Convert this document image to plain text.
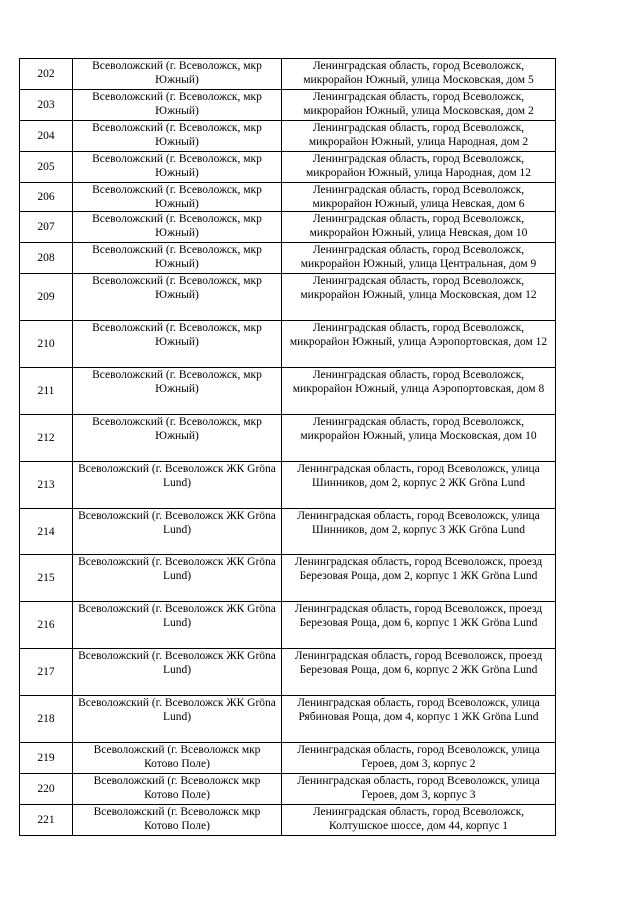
202	Всеволожский (г. Всеволожск, мкр Южный)	Ленинградская область, город Всеволожск, микрорайон Южный, улица Московская, дом 5
203	Всеволожский (г. Всеволожск, мкр Южный)	Ленинградская область, город Всеволожск, микрорайон Южный, улица Московская, дом 2
204	Всеволожский (г. Всеволожск, мкр Южный)	Ленинградская область, город Всеволожск, микрорайон Южный, улица Народная, дом 2
205	Всеволожский (г. Всеволожск, мкр Южный)	Ленинградская область, город Всеволожск, микрорайон Южный, улица Народная, дом 12
206	Всеволожский (г. Всеволожск, мкр Южный)	Ленинградская область, город Всеволожск, микрорайон Южный, улица Невская, дом 6
207	Всеволожский (г. Всеволожск, мкр Южный)	Ленинградская область, город Всеволожск, микрорайон Южный, улица Невская, дом 10
208	Всеволожский (г. Всеволожск, мкр Южный)	Ленинградская область, город Всеволожск, микрорайон Южный, улица Центральная, дом 9
209	Всеволожский (г. Всеволожск, мкр Южный)	Ленинградская область, город Всеволожск, микрорайон Южный, улица Московская, дом 12
210	Всеволожский (г. Всеволожск, мкр Южный)	Ленинградская область, город Всеволожск, микрорайон Южный, улица Аэропортовская, дом 12
211	Всеволожский (г. Всеволожск, мкр Южный)	Ленинградская область, город Всеволожск, микрорайон Южный, улица Аэропортовская, дом 8
212	Всеволожский (г. Всеволожск, мкр Южный)	Ленинградская область, город Всеволожск, микрорайон Южный, улица Московская, дом 10
213	Всеволожский (г. Всеволожск ЖК Gröna Lund)	Ленинградская область, город Всеволожск, улица Шинников, дом 2, корпус 2 ЖК Gröna Lund
214	Всеволожский (г. Всеволожск ЖК Gröna Lund)	Ленинградская область, город Всеволожск, улица Шинников, дом 2, корпус 3 ЖК Gröna Lund
215	Всеволожский (г. Всеволожск ЖК Gröna Lund)	Ленинградская область, город Всеволожск, проезд Березовая Роща, дом 2, корпус 1 ЖК Gröna Lund
216	Всеволожский (г. Всеволожск ЖК Gröna Lund)	Ленинградская область, город Всеволожск, проезд Березовая Роща, дом 6, корпус 1 ЖК Gröna Lund
217	Всеволожский (г. Всеволожск ЖК Gröna Lund)	Ленинградская область, город Всеволожск, проезд Березовая Роща, дом 6, корпус 2 ЖК Gröna Lund
218	Всеволожский (г. Всеволожск ЖК Gröna Lund)	Ленинградская область, город Всеволожск, улица Рябиновая Роща, дом 4, корпус 1 ЖК Gröna Lund
219	Всеволожский (г. Всеволожск мкр Котово Поле)	Ленинградская область, город Всеволожск, улица Героев, дом 3, корпус 2
220	Всеволожский (г. Всеволожск мкр Котово Поле)	Ленинградская область, город Всеволожск, улица Героев, дом 3, корпус 3
221	Всеволожский (г. Всеволожск мкр Котово Поле)	Ленинградская область, город Всеволожск, Колтушское шоссе, дом 44, корпус 1
